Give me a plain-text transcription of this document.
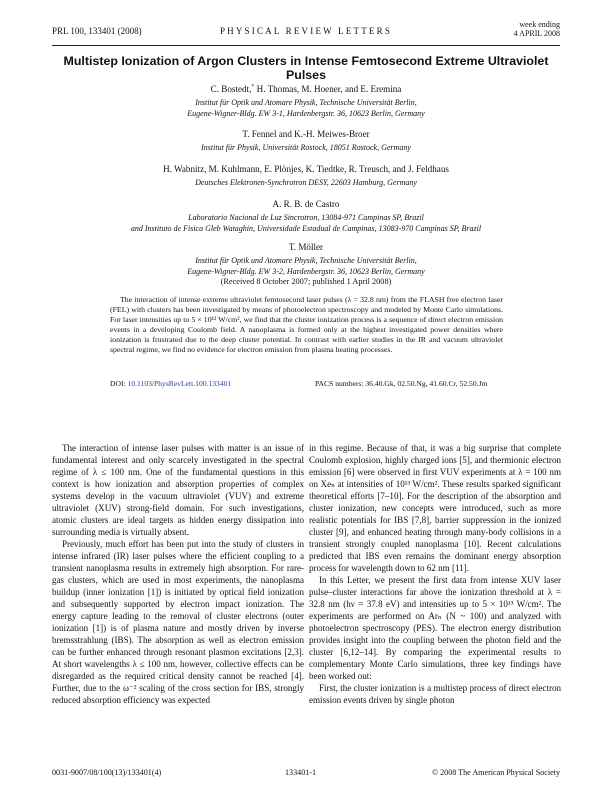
PRL 100, 133401 (2008)	PHYSICAL REVIEW LETTERS
week ending
4 APRIL 2008
Multistep Ionization of Argon Clusters in Intense Femtosecond Extreme Ultraviolet Pulses
C. Bostedt,* H. Thomas, M. Hoener, and E. Eremina
Institut für Optik und Atomare Physik, Technische Universität Berlin,
Eugene-Wigner-Bldg. EW 3-1, Hardenbergstr. 36, 10623 Berlin, Germany
T. Fennel and K.-H. Meiwes-Broer
Institut für Physik, Universität Rostock, 18051 Rostock, Germany
H. Wabnitz, M. Kuhlmann, E. Plönjes, K. Tiedtke, R. Treusch, and J. Feldhaus
Deutsches Elektronen-Synchrotron DESY, 22603 Hamburg, Germany
A. R. B. de Castro
Laboratorio Nacional de Luz Sincrotron, 13084-971 Campinas SP, Brazil
and Instituto de Fisica Gleb Wataghin, Universidade Estadual de Campinas, 13083-970 Campinas SP, Brazil
T. Möller
Institut für Optik und Atomare Physik, Technische Universität Berlin,
Eugene-Wigner-Bldg. EW 3-2, Hardenbergstr. 36, 10623 Berlin, Germany
(Received 8 October 2007; published 1 April 2008)

The interaction of intense extreme ultraviolet femtosecond laser pulses (λ = 32.8 nm) from the FLASH free electron laser (FEL) with clusters has been investigated by means of photoelectron spectroscopy and modeled by Monte Carlo simulations. For laser intensities up to 5 × 10¹³ W/cm², we find that the cluster ionization process is a sequence of direct electron emission events in a developing Coulomb field. A nanoplasma is formed only at the highest investigated power densities where ionization is frustrated due to the deep cluster potential. In contrast with earlier studies in the IR and vacuum ultraviolet spectral regime, we find no evidence for electron emission from plasma heating processes.

DOI: 10.1103/PhysRevLett.100.133401	PACS numbers: 36.40.Gk, 02.50.Ng, 41.60.Cr, 52.50.Jm

The interaction of intense laser pulses with matter is an issue of fundamental interest and only scarcely investigated in the spectral regime of λ ≤ 100 nm. One of the fundamental questions in this context is how ionization and absorption properties of complex systems develop in the vacuum ultraviolet (VUV) and extreme ultraviolet (XUV) strong-field domain. For such investigations, atomic clusters are ideal targets as hidden energy dissipation into surrounding media is virtually absent.

Previously, much effort has been put into the study of clusters in intense infrared (IR) laser pulses where the efficient coupling to a transient nanoplasma results in extremely high absorption. For rare-gas clusters, which are used in most experiments, the nanoplasma buildup (inner ionization [1]) is initiated by optical field ionization and subsequently supported by electron impact ionization. The energy capture leading to the removal of cluster electrons (outer ionization [1]) is of plasma nature and mostly driven by inverse bremsstrahlung (IBS). The absorption as well as electron emission can be further enhanced through resonant plasmon excitations [2,3]. At short wavelengths λ ≤ 100 nm, however, collective effects can be disregarded as the required critical density cannot be reached [4]. Further, due to the ω⁻² scaling of the cross section for IBS, strongly reduced absorption efficiency was expected

in this regime. Because of that, it was a big surprise that complete Coulomb explosion, highly charged ions [5], and thermionic electron emission [6] were observed in first VUV experiments at λ = 100 nm on Xeₙ at intensities of 10¹³ W/cm². These results sparked significant theoretical efforts [7–10]. For the description of the absorption and cluster ionization, new concepts were introduced, such as more realistic potentials for IBS [7,8], barrier suppression in the ionized cluster [9], and enhanced heating through many-body collisions in a transient strongly coupled nanoplasma [10]. Recent calculations predicted that IBS even remains the dominant energy absorption process for wavelength down to 62 nm [11].

In this Letter, we present the first data from intense XUV laser pulse–cluster interactions far above the ionization threshold at λ = 32.8 nm (hν = 37.8 eV) and intensities up to 5 × 10¹³ W/cm². The experiments are performed on Arₙ (N ~ 100) and analyzed with photoelectron spectroscopy (PES). The electron energy distribution provides insight into the coupling between the photon field and the cluster [6,12–14]. By comparing the experimental results to complementary Monte Carlo simulations, three key findings have been worked out:

First, the cluster ionization is a multistep process of direct electron emission events driven by single photon

0031-9007/08/100(13)/133401(4)	133401-1	© 2008 The American Physical Society
